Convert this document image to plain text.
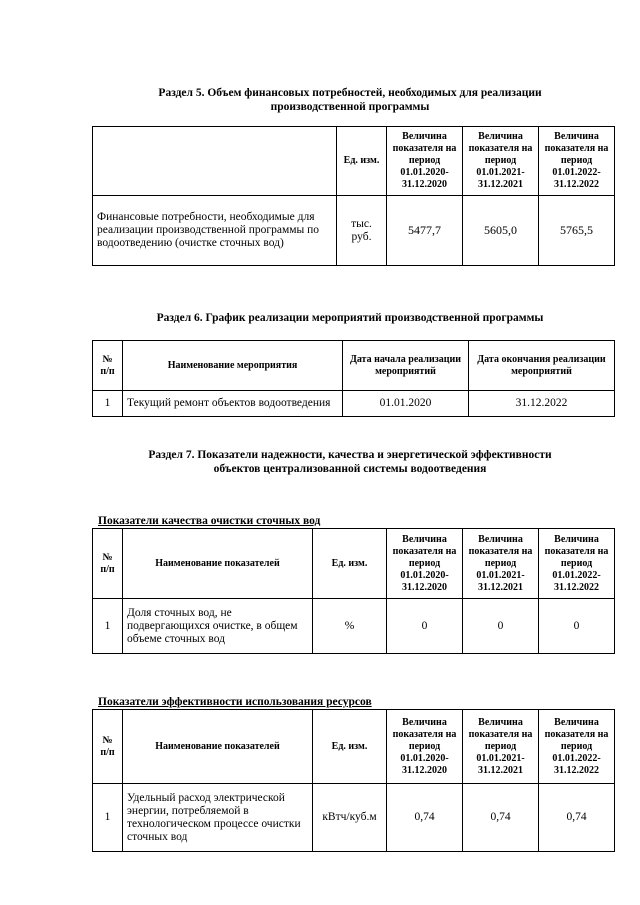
Раздел 5. Объем финансовых потребностей, необходимых для реализации
производственной программы
	Ед. изм.	Величина показателя на период 01.01.2020-31.12.2020	Величина показателя на период 01.01.2021-31.12.2021	Величина показателя на период 01.01.2022-31.12.2022
Финансовые потребности, необходимые для реализации производственной программы по водоотведению (очистке сточных вод)	тыс. руб.	5477,7	5605,0	5765,5
Раздел 6. График реализации мероприятий производственной программы
№ п/п	Наименование мероприятия	Дата начала реализации мероприятий	Дата окончания реализации мероприятий
1	Текущий ремонт объектов водоотведения	01.01.2020	31.12.2022
Раздел 7. Показатели надежности, качества и энергетической эффективности
объектов централизованной системы водоотведения
Показатели качества очистки сточных вод
№ п/п	Наименование показателей	Ед. изм.	Величина показателя на период 01.01.2020-31.12.2020	Величина показателя на период 01.01.2021-31.12.2021	Величина показателя на период 01.01.2022-31.12.2022
1	Доля сточных вод, не подвергающихся очистке, в общем объеме сточных вод	%	0	0	0
Показатели эффективности использования ресурсов
№ п/п	Наименование показателей	Ед. изм.	Величина показателя на период 01.01.2020-31.12.2020	Величина показателя на период 01.01.2021-31.12.2021	Величина показателя на период 01.01.2022-31.12.2022
1	Удельный расход электрической энергии, потребляемой в технологическом процессе очистки сточных вод	кВтч/куб.м	0,74	0,74	0,74
